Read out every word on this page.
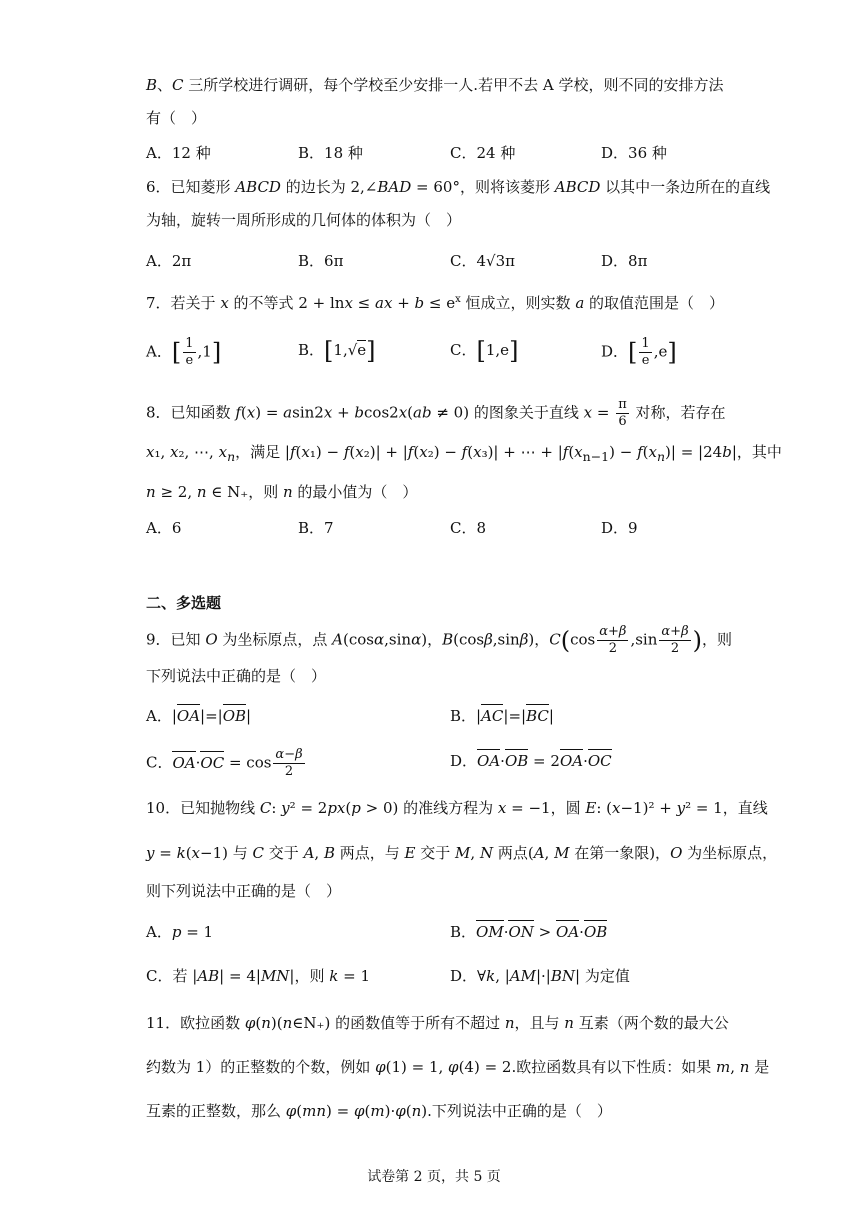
B、C 三所学校进行调研，每个学校至少安排一人.若甲不去 A 学校，则不同的安排方法
有（　）
A．12 种	B．18 种	C．24 种	D．36 种
6．已知菱形 ABCD 的边长为 2,∠BAD = 60°，则将该菱形 ABCD 以其中一条边所在的直线
为轴，旋转一周所形成的几何体的体积为（　）
A．2π	B．6π	C．4√3π	D．8π
7．若关于 x 的不等式 2 + lnx ≤ ax + $b \le e^x$ 恒成立，则实数 a 的取值范围是（　）
A．[ $\frac{1}{e} ,1$]	B．[1,√e]	C．[1,e]	D．[ $\frac{1}{e} ,e$]
8．已知函数 f(x) = asin2x + bcos2x(ab ≠ 0) 的图象关于直线 $x = \frac{\pi}{6}$ 对称，若存在
x₁, x₂, ⋯, $x_n$，满足 |f(x₁) − f(x₂)| + |f(x₂) − f(x₃)| + ⋯ + $|f(x_{n-1}) - f(x_n)| = |24b|$，其中
n ≥ 2, n ∈ N₊，则 n 的最小值为（　）
A．6	B．7	C．8	D．9
二、多选题
9．已知 O 为坐标原点，点 A(cosα,sinα)，B(cosβ,sinβ)，$C(\cos \frac{\alpha+\beta}{2} ,\sin \frac{\alpha+\beta}{2}$ )，则
下列说法中正确的是（　）
A．|OA|=|OB|	B．|AC|=|BC|
C．$OA\cdot OC = \cos \frac{\alpha-\beta}{2}$	D．OA·OB = 2OA·OC
10．已知抛物线 C: y² = 2px(p > 0) 的准线方程为 x = −1，圆 E: (x−1)² + y² = 1，直线
y = k(x−1) 与 C 交于 A, B 两点，与 E 交于 M, N 两点(A, M 在第一象限)，O 为坐标原点，
则下列说法中正确的是（　）
A．p = 1	B．OM·ON > OA·OB
C．若 |AB| = 4|MN|，则 k = 1	D．∀k, |AM|·|BN| 为定值
11．欧拉函数 φ(n)(n∈N₊) 的函数值等于所有不超过 n，且与 n 互素（两个数的最大公
约数为 1）的正整数的个数，例如 φ(1) = 1, φ(4) = 2.欧拉函数具有以下性质：如果 m, n 是
互素的正整数，那么 φ(mn) = φ(m)·φ(n).下列说法中正确的是（　）
试卷第 2 页，共 5 页
